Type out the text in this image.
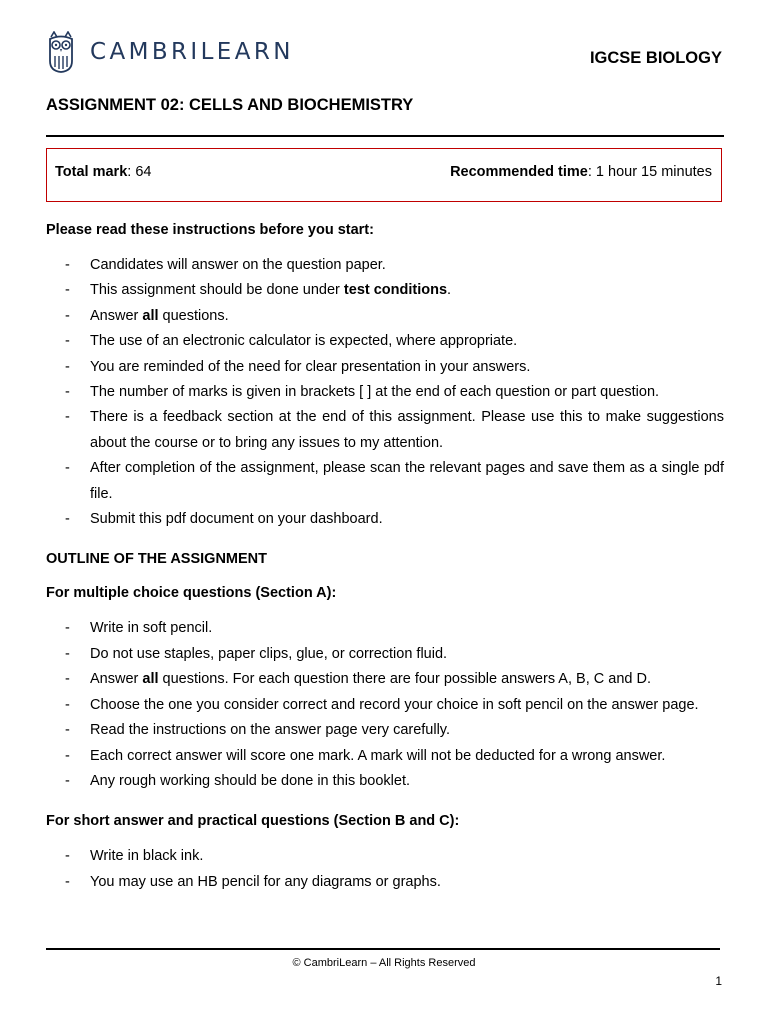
CAMBRILEARN	IGCSE BIOLOGY
ASSIGNMENT 02: CELLS AND BIOCHEMISTRY
Total mark: 64	Recommended time: 1 hour 15 minutes

Please read these instructions before you start:

- Candidates will answer on the question paper.
- This assignment should be done under test conditions.
- Answer all questions.
- The use of an electronic calculator is expected, where appropriate.
- You are reminded of the need for clear presentation in your answers.
- The number of marks is given in brackets [ ] at the end of each question or part question.
- There is a feedback section at the end of this assignment. Please use this to make suggestions about the course or to bring any issues to my attention.
- After completion of the assignment, please scan the relevant pages and save them as a single pdf file.
- Submit this pdf document on your dashboard.

OUTLINE OF THE ASSIGNMENT

For multiple choice questions (Section A):

- Write in soft pencil.
- Do not use staples, paper clips, glue, or correction fluid.
- Answer all questions. For each question there are four possible answers A, B, C and D.
- Choose the one you consider correct and record your choice in soft pencil on the answer page.
- Read the instructions on the answer page very carefully.
- Each correct answer will score one mark. A mark will not be deducted for a wrong answer.
- Any rough working should be done in this booklet.

For short answer and practical questions (Section B and C):

- Write in black ink.
- You may use an HB pencil for any diagrams or graphs.
© CambriLearn – All Rights Reserved
1
